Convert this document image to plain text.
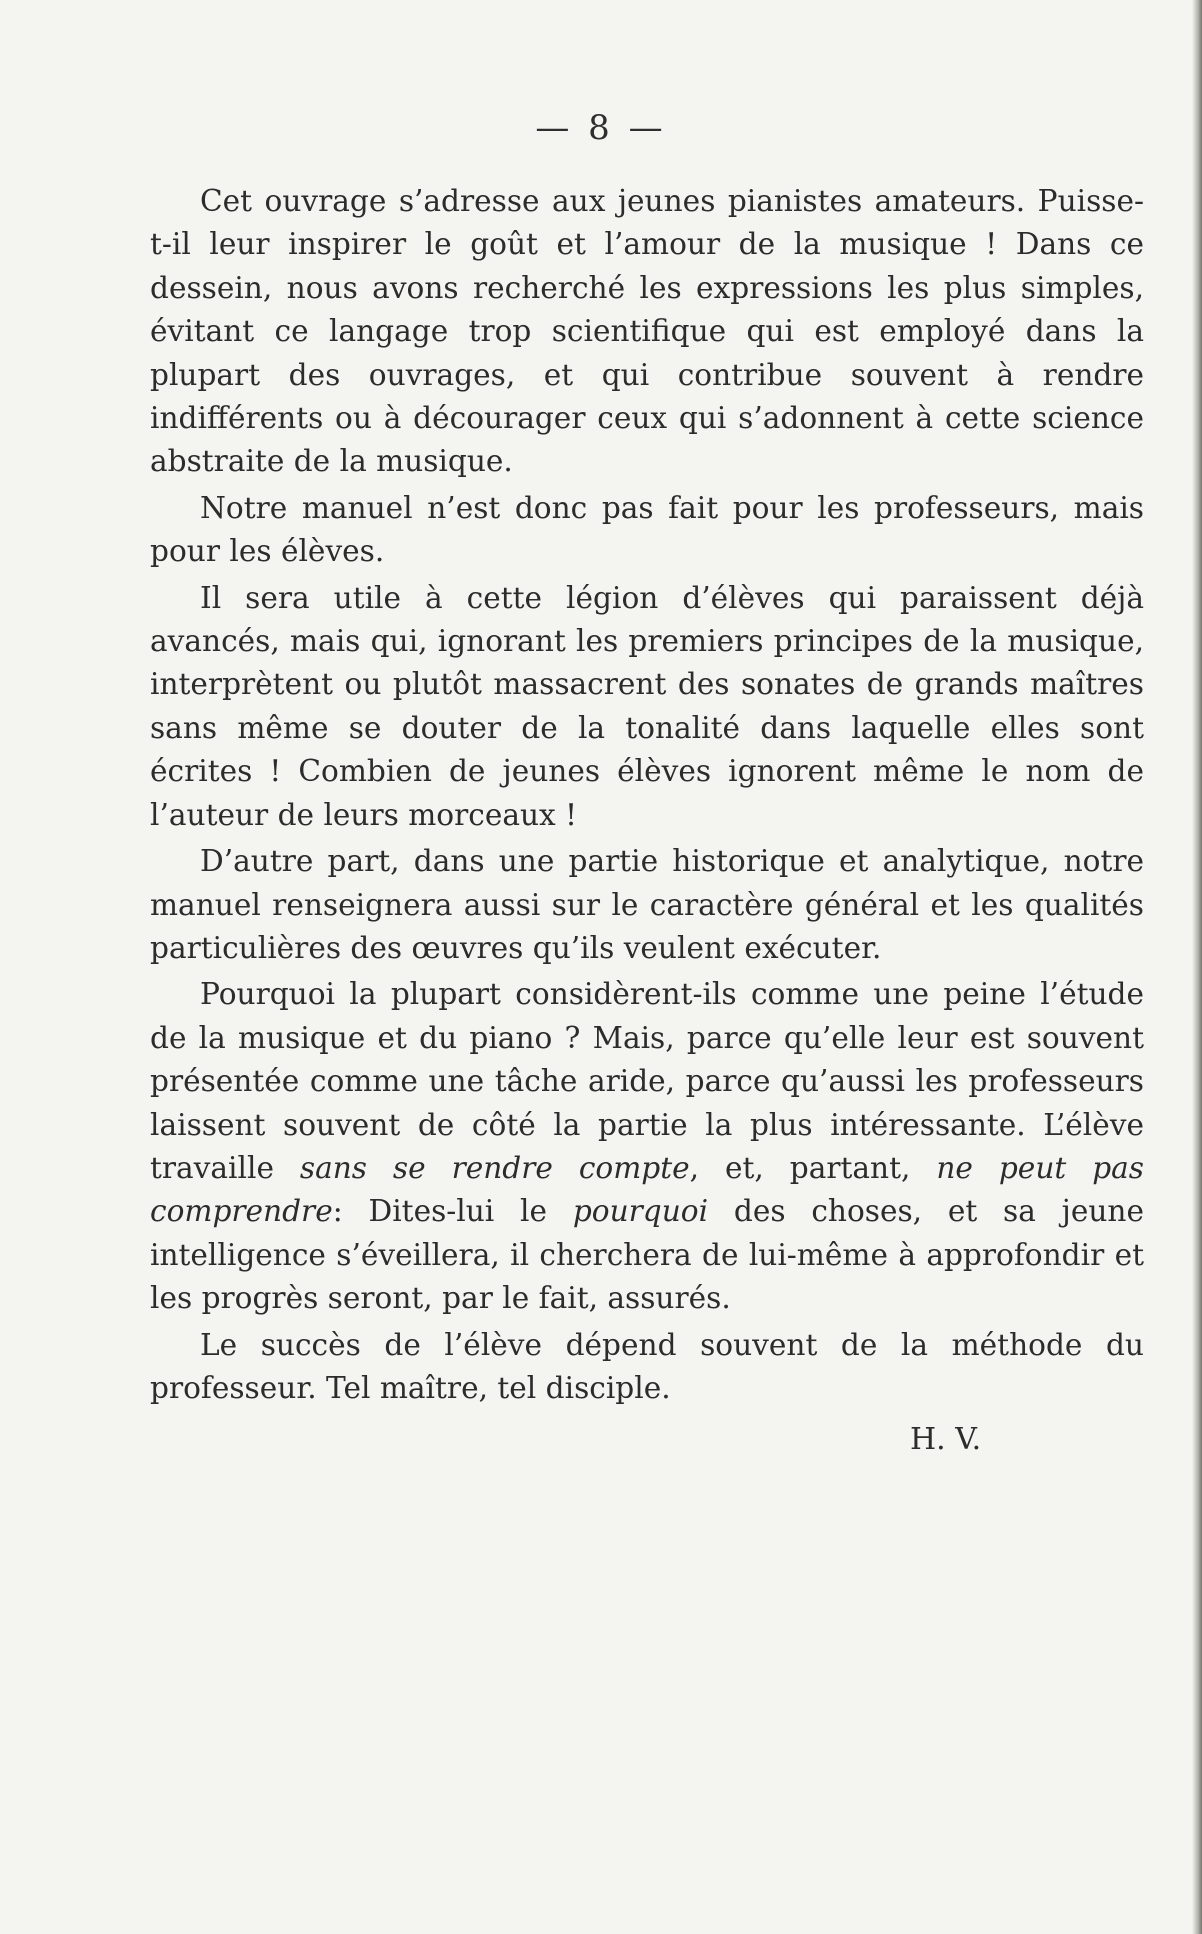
— 8 —

Cet ouvrage s’adresse aux jeunes pianistes amateurs. Puisse-t-il leur inspirer le goût et l’amour de la musique ! Dans ce dessein, nous avons recherché les expressions les plus simples, évitant ce langage trop scientifique qui est employé dans la plupart des ouvrages, et qui contribue souvent à rendre indifférents ou à décourager ceux qui s’adonnent à cette science abstraite de la musique.

Notre manuel n’est donc pas fait pour les professeurs, mais pour les élèves.

Il sera utile à cette légion d’élèves qui paraissent déjà avancés, mais qui, ignorant les premiers principes de la musique, interprètent ou plutôt massacrent des sonates de grands maîtres sans même se douter de la tonalité dans laquelle elles sont écrites ! Combien de jeunes élèves ignorent même le nom de l’auteur de leurs morceaux !

D’autre part, dans une partie historique et analytique, notre manuel renseignera aussi sur le caractère général et les qualités particulières des œuvres qu’ils veulent exécuter.

Pourquoi la plupart considèrent-ils comme une peine l’étude de la musique et du piano ? Mais, parce qu’elle leur est souvent présentée comme une tâche aride, parce qu’aussi les professeurs laissent souvent de côté la partie la plus intéressante. L’élève travaille sans se rendre compte, et, partant, ne peut pas comprendre: Dites-lui le pourquoi des choses, et sa jeune intelligence s’éveillera, il cherchera de lui-même à approfondir et les progrès seront, par le fait, assurés.

Le succès de l’élève dépend souvent de la méthode du professeur. Tel maître, tel disciple.

H. V.
